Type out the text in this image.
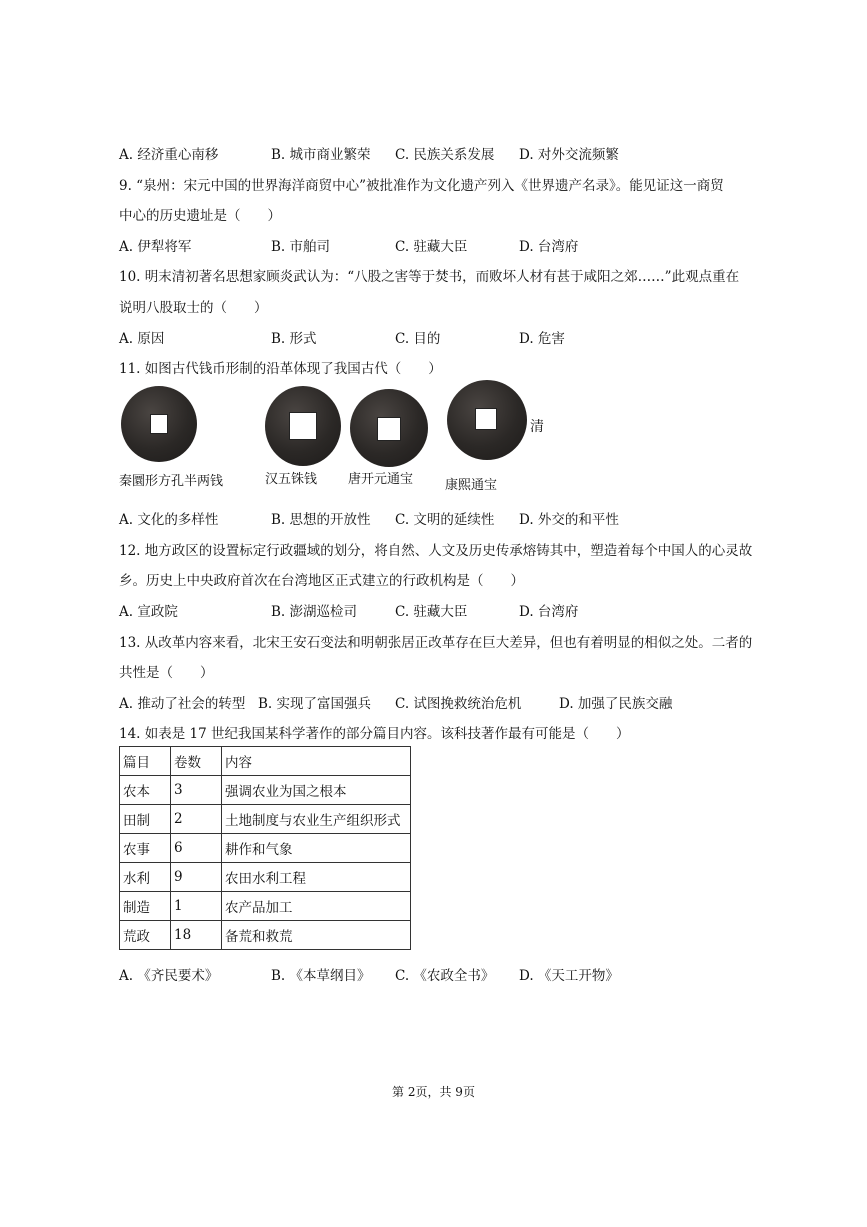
A. 经济重心南移	B. 城市商业繁荣 C. 民族关系发展 D. 对外交流频繁
9. “泉州：宋元中国的世界海洋商贸中心”被批准作为文化遗产列入《世界遗产名录》。能见证这一商贸
中心的历史遗址是（　　）
A. 伊犁将军	B. 市舶司	C. 驻藏大臣	D. 台湾府
10. 明末清初著名思想家顾炎武认为：“八股之害等于焚书，而败坏人材有甚于咸阳之郊……”此观点重在
说明八股取士的（　　）
A. 原因	B. 形式	C. 目的	D. 危害
11. 如图古代钱币形制的沿革体现了我国古代（　　）
清
秦圜形方孔半两钱	汉五铢钱 唐开元通宝 康熙通宝
A. 文化的多样性	B. 思想的开放性 C. 文明的延续性 D. 外交的和平性
12. 地方政区的设置标定行政疆域的划分，将自然、人文及历史传承熔铸其中，塑造着每个中国人的心灵故
乡。历史上中央政府首次在台湾地区正式建立的行政机构是（　　）
A. 宣政院	B. 澎湖巡检司	C. 驻藏大臣	D. 台湾府
13. 从改革内容来看，北宋王安石变法和明朝张居正改革存在巨大差异，但也有着明显的相似之处。二者的
共性是（　　）
A. 推动了社会的转型 B. 实现了富国强兵 C. 试图挽救统治危机	D. 加强了民族交融
14. 如表是 17 世纪我国某科学著作的部分篇目内容。该科技著作最有可能是（　　）
篇目	卷数	内容
农本	3	强调农业为国之根本
田制	2	土地制度与农业生产组织形式
农事	6	耕作和气象
水利	9	农田水利工程
制造	1	农产品加工
荒政	18	备荒和救荒
A. 《齐民要术》	B. 《本草纲目》 C. 《农政全书》 D. 《天工开物》
第 2页，共 9页
